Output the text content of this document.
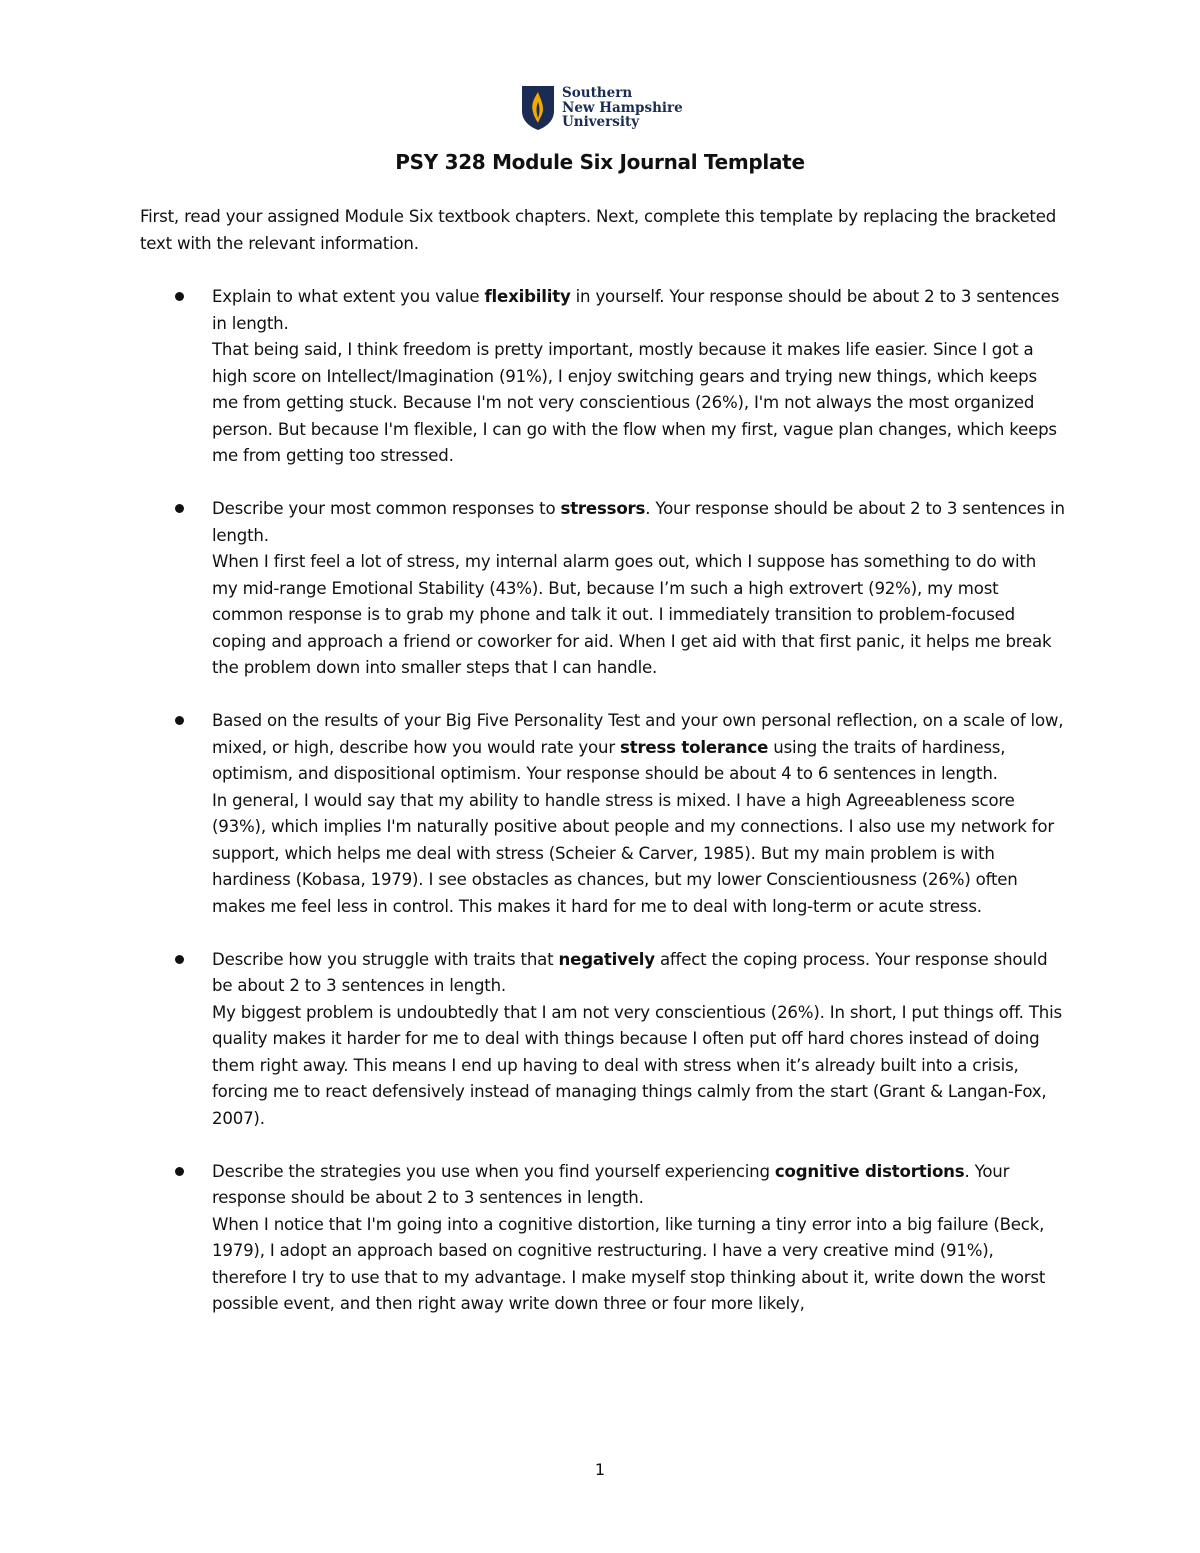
Southern
New Hampshire
University
PSY 328 Module Six Journal Template
First, read your assigned Module Six textbook chapters. Next, complete this template by replacing the bracketed text with the relevant information.

Explain to what extent you value flexibility in yourself. Your response should be about 2 to 3 sentences in length.

That being said, I think freedom is pretty important, mostly because it makes life easier. Since I got a high score on Intellect/Imagination (91%), I enjoy switching gears and trying new things, which keeps me from getting stuck. Because I'm not very conscientious (26%), I'm not always the most organized person. But because I'm flexible, I can go with the flow when my first, vague plan changes, which keeps me from getting too stressed.

Describe your most common responses to stressors. Your response should be about 2 to 3 sentences in length.

When I first feel a lot of stress, my internal alarm goes out, which I suppose has something to do with my mid-range Emotional Stability (43%). But, because I’m such a high extrovert (92%), my most common response is to grab my phone and talk it out. I immediately transition to problem-focused coping and approach a friend or coworker for aid. When I get aid with that first panic, it helps me break the problem down into smaller steps that I can handle.

Based on the results of your Big Five Personality Test and your own personal reflection, on a scale of low, mixed, or high, describe how you would rate your stress tolerance using the traits of hardiness, optimism, and dispositional optimism. Your response should be about 4 to 6 sentences in length.

In general, I would say that my ability to handle stress is mixed. I have a high Agreeableness score (93%), which implies I'm naturally positive about people and my connections. I also use my network for support, which helps me deal with stress (Scheier & Carver, 1985). But my main problem is with hardiness (Kobasa, 1979). I see obstacles as chances, but my lower Conscientiousness (26%) often makes me feel less in control. This makes it hard for me to deal with long-term or acute stress.

Describe how you struggle with traits that negatively affect the coping process. Your response should be about 2 to 3 sentences in length.

My biggest problem is undoubtedly that I am not very conscientious (26%). In short, I put things off. This quality makes it harder for me to deal with things because I often put off hard chores instead of doing them right away. This means I end up having to deal with stress when it’s already built into a crisis, forcing me to react defensively instead of managing things calmly from the start (Grant & Langan-Fox, 2007).

Describe the strategies you use when you find yourself experiencing cognitive distortions. Your response should be about 2 to 3 sentences in length.

When I notice that I'm going into a cognitive distortion, like turning a tiny error into a big failure (Beck, 1979), I adopt an approach based on cognitive restructuring. I have a very creative mind (91%), therefore I try to use that to my advantage. I make myself stop thinking about it, write down the worst possible event, and then right away write down three or four more likely,

1
